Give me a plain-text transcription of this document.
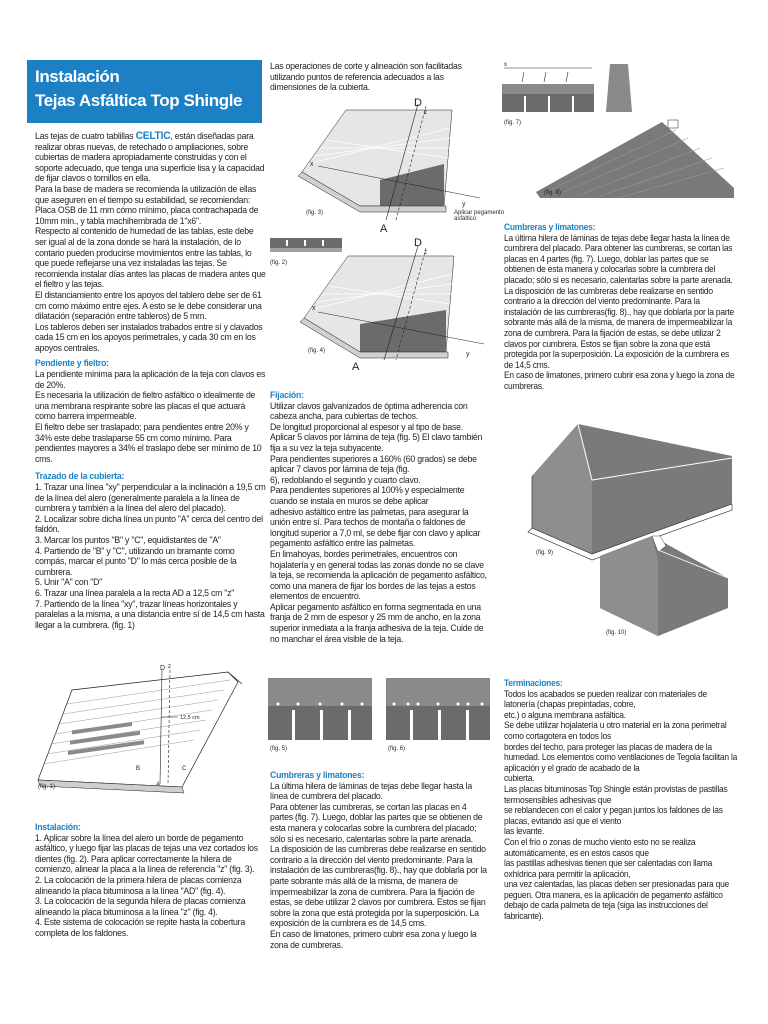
Instalación
Tejas Asfáltica Top Shingle

Las tejas de cuatro tablillas CELTIC, están diseñadas para realizar obras nuevas, de retechado o ampliaciones, sobre cubiertas de madera apropiadamente construidas y con el soporte adecuado, que tenga una superficie lisa y la capacidad de fijar clavos o tornillos en ella.

Para la base de madera se recomienda la utilización de ellas que aseguren en el tiempo su estabilidad, se recomiendan: Placa OSB de 11 mm cómo mínimo, placa contrachapada de 10mm min., y tabla machihembrada de 1"x6".

Respecto al contenido de humedad de las tablas, este debe ser igual al de la zona donde se hará la instalación, de lo contario pueden producirse movimientos entre las tablas, lo que puede reflejarse una vez instaladas las tejas. Se recomienda instalar días antes las placas de madera antes que el fieltro y las tejas.

El distanciamiento entre los apoyos del tablero debe ser de 61 cm como máximo entre ejes. A esto se le debe considerar una dilatación (separación entre tableros) de 5 mm.

Los tableros deben ser instalados trabados entre sí y clavados cada 15 cm en los apoyos perimetrales, y cada 30 cm en los apoyos centrales.

Pendiente y fieltro:

La pendiente mínima para la aplicación de la teja con clavos es de 20%.

Es necesaria la utilización de fieltro asfáltico o idealmente de una membrana respirante sobre las placas el que actuará como barrera impermeable.

El fieltro debe ser traslapado; para pendientes entre 20% y 34% este debe traslaparse 55 cm como mínimo. Para pendientes mayores a 34% el traslapo debe ser mínimo de 10 cms.

Trazado de la cubierta:

1. Trazar una línea "xy" perpendicular a la inclinación a 19,5 cm de la línea del alero (generalmente paralela a la línea de cumbrera y también a la línea del alero del placado).

2. Localizar sobre dicha línea un punto "A" cerca del centro del faldón.

3. Marcar los puntos "B" y "C", equidistantes de "A"

4. Partiendo de "B" y "C", utilizando un bramante como compás, marcar el punto "D" lo más cerca posible de la cumbrera.

5. Unir "A" con "D"

6. Trazar una línea paralela a la recta AD a 12,5 cm "z"

7. Partiendo de la línea "xy", trazar líneas horizontales y paralelas a la misma, a una distancia entre sí de 14,5 cm hasta llegar a la cumbrera. (fig. 1)

12,5 cm
D z
B
A
C
(fig. 1)

Instalación:

1. Aplicar sobre la línea del alero un borde de pegamento asfáltico, y luego fijar las placas de tejas una vez cortados los dientes (fig. 2). Para aplicar correctamente la hilera de comienzo, alinear la placa a la línea de referencia "z" (fig. 3).

2. La colocación de la primera hilera de placas comienza alineando la placa bituminosa a la línea "AD" (fig. 4).

3. La colocación de la segunda hilera de placas comienza alineando la placa bituminosa a la línea "z" (fig. 4).

4. Este sistema de colocación se repite hasta la cobertura completa de los faldones.

Las operaciones de corte y alineación son facilitadas utilizando puntos de referencia adecuados a las dimensiones de la cubierta.

D
z
x
y
A
Aplicar pegamento
asfáltico
(fig. 3)
(fig. 2)
D
z
x
y
A
(fig. 4)

Fijación:

Utilizar clavos galvanizados de óptima adherencia con cabeza ancha, para cubiertas de techos.

De longitud proporcional al espesor y al tipo de base.

Aplicar 5 clavos por lámina de teja (fig. 5) El clavo también fija a su vez la teja subyacente.

Para pendientes superiores a 160% (60 grados) se debe aplicar 7 clavos por lámina de teja (fig.

6), redoblando el segundo y cuarto clavo.

Para pendientes superiores al 100% y especialmente cuando se instala en muros se debe aplicar

adhesivo asfáltico entre las palmetas, para asegurar la unión entre sí. Para techos de montaña o faldones de longitud superior a 7,0 ml, se debe fijar con clavo y aplicar pegamento asfáltico entre las palmetas.

En limahoyas, bordes perimetrales, encuentros con hojalatería y en general todas las zonas donde no se clave la teja, se recomienda la aplicación de pegamento asfáltico, como una manera de fijar los bordes de las tejas a estos elementos de encuentro.

Aplicar pegamento asfáltico en forma segmentada en una franja de 2 mm de espesor y 25 mm de ancho, en la zona superior inmediata a la franja adhesiva de la teja. Cuide de no manchar el área visible de la teja.

(fig. 5)	(fig. 6)

Cumbreras y limatones:

La última hilera de láminas de tejas debe llegar hasta la línea de cumbrera del placado.

Para obtener las cumbreras, se cortan las placas en 4 partes (fig. 7). Luego, doblar las partes que se obtienen de esta manera y colocarlas sobre la cumbrera del placado; sólo si es necesario, calentarlas sobre la parte arenada.

La disposición de las cumbreras debe realizarse en sentido contrario a la dirección del viento predominante. Para la instalación de las cumbreras(fig. 8)., hay que doblarla por la parte sobrante más allá de la misma, de manera de impermeabilizar la zona de cumbrera. Para la fijación de estas, se debe utilizar 2 clavos por cumbrera. Estos se fijan sobre la zona que está protegida por la superposición. La exposición de la cumbrera es de 14,5 cms.

En caso de limatones, primero cubrir esa zona y luego la zona de cumbreras.

x
(fig. 7)
(fig. 8)

Cumbreras y limatones:

La última hilera de láminas de tejas debe llegar hasta la línea de cumbrera del placado. Para obtener las cumbreras, se cortan las placas en 4 partes (fig. 7). Luego, doblar las partes que se obtienen de esta manera y colocarlas sobre la cumbrera del placado; sólo si es necesario, calentarlas sobre la parte arenada.

La disposición de las cumbreras debe realizarse en sentido contrario a la dirección del viento predominante. Para la instalación de las cumbreras(fig. 8)., hay que doblarla por la parte sobrante más allá de la misma, de manera de impermeabilizar la zona de cumbrera. Para la fijación de estas, se debe utilizar 2 clavos por cumbrera. Estos se fijan sobre la zona que está protegida por la superposición. La exposición de la cumbrera es de 14,5 cms.

En caso de limatones, primero cubrir esa zona y luego la zona de cumbreras.

(fig. 9)
(fig. 10)

Terminaciones:

Todos los acabados se pueden realizar con materiales de latonería (chapas prepintadas, cobre,

etc.) o alguna membrana asfáltica.

Se debe utilizar hojalatería u otro material en la zona perimetral como cortagotera en todos los

bordes del techo, para proteger las placas de madera de la humedad. Los elementos como ventilaciones de Tegola facilitan la aplicación y el grado de acabado de la

cubierta.

Las placas bituminosas Top Shingle están provistas de pastillas termosensibles adhesivas que

se reblandecen con el calor y pegan juntos los faldones de las placas, evitando así que el viento

las levante.

Con el frío o zonas de mucho viento esto no se realiza automáticamente, es en estos casos que

las pastillas adhesivas tienen que ser calentadas con llama oxhídrica para permitir la aplicación,

una vez calentadas, las placas deben ser presionadas para que peguen. Otra manera, es la aplicación de pegamento asfáltico debajo de cada palmeta de teja (siga las instrucciones del fabricante).
